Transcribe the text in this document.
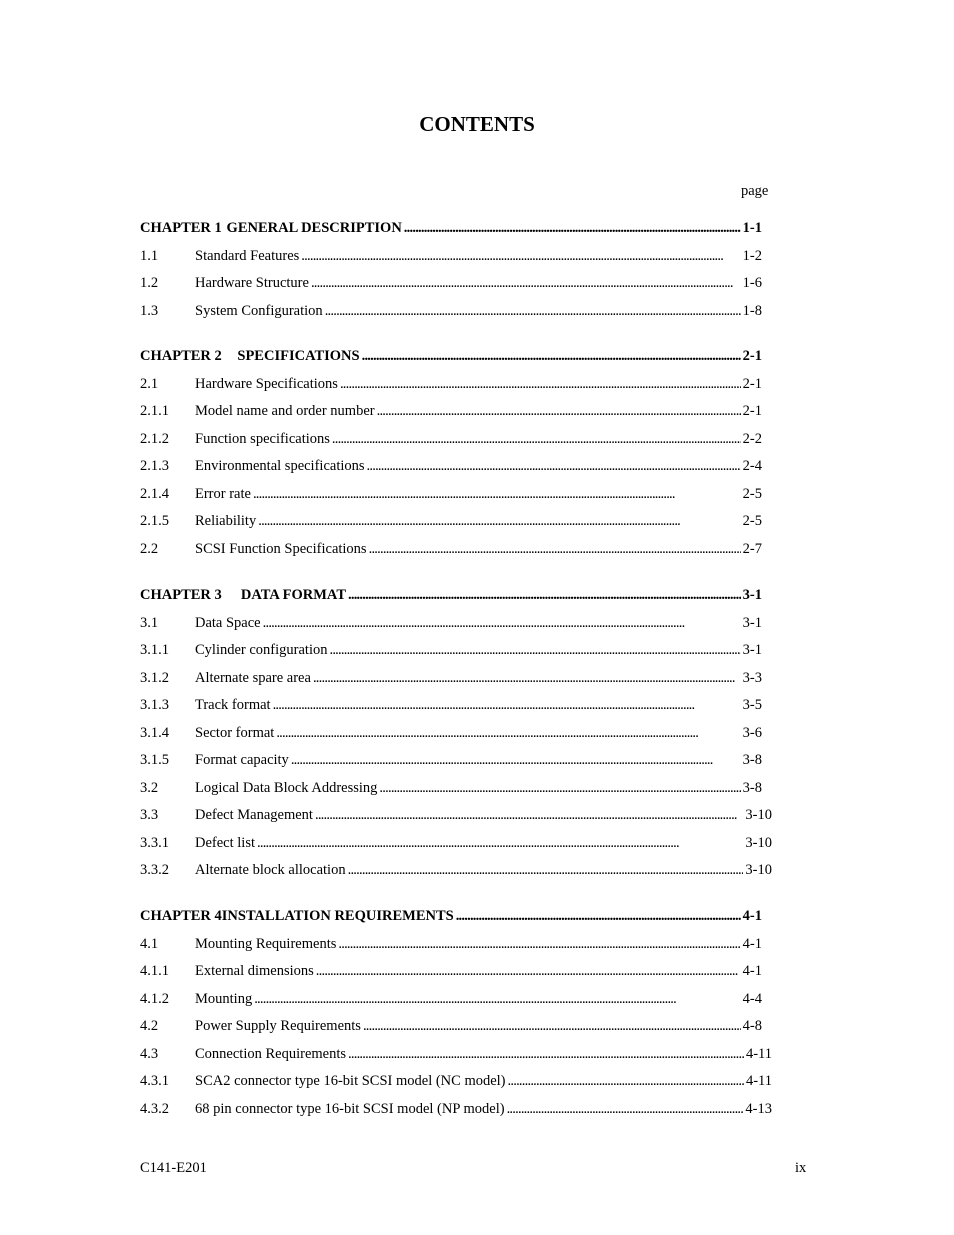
CONTENTS
page
CHAPTER 1 GENERAL DESCRIPTION . . .	1-1
1.1	Standard Features . . .	1-2
1.2	Hardware Structure . . .	1-6
1.3	System Configuration . . .	1-8
CHAPTER 2	SPECIFICATIONS . . .	2-1
2.1	Hardware Specifications . . .	2-1
2.1.1 Model name and order number . . .	2-1
2.1.2 Function specifications . . .	2-2
2.1.3 Environmental specifications . . .	2-4
2.1.4 Error rate . . .	2-5
2.1.5 Reliability . . .	2-5
2.2	SCSI Function Specifications . . .	2-7
CHAPTER 3	DATA FORMAT . . .	3-1
3.1	Data Space . . .	3-1
3.1.1 Cylinder configuration . . .	3-1
3.1.2 Alternate spare area . . .	3-3
3.1.3 Track format . . .	3-5
3.1.4 Sector format . . .	3-6
3.1.5 Format capacity . . .	3-8
3.2	Logical Data Block Addressing . . .	3-8
3.3	Defect Management . . .	3-10
3.3.1 Defect list . . .	3-10
3.3.2 Alternate block allocation . . .	3-10
CHAPTER 4 INSTALLATION REQUIREMENTS . . .	4-1
4.1	Mounting Requirements . . .	4-1
4.1.1 External dimensions . . .	4-1
4.1.2 Mounting . . .	4-4
4.2	Power Supply Requirements . . .	4-8
4.3	Connection Requirements . . .	4-11
4.3.1 SCA2 connector type 16-bit SCSI model (NC model) . . .	4-11
4.3.2 68 pin connector type 16-bit SCSI model (NP model) . . .	4-13
C141-E201	ix
